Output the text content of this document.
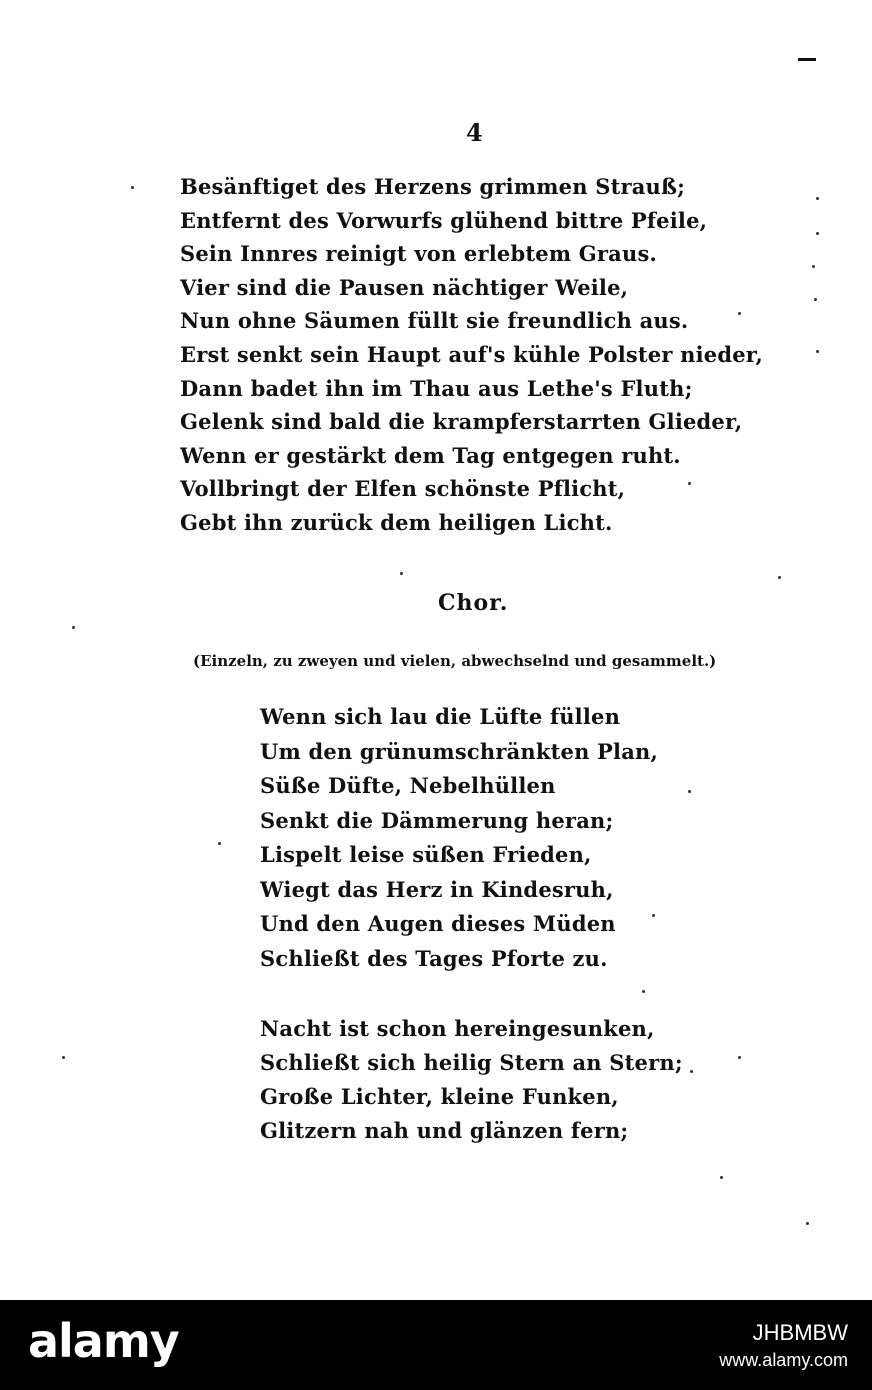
4
Besänftiget des Herzens grimmen Strauß;
Entfernt des Vorwurfs glühend bittre Pfeile,
Sein Innres reinigt von erlebtem Graus.
Vier sind die Pausen nächtiger Weile,
Nun ohne Säumen füllt sie freundlich aus.
Erst senkt sein Haupt auf's kühle Polster nieder,
Dann badet ihn im Thau aus Lethe's Fluth;
Gelenk sind bald die krampferstarrten Glieder,
Wenn er gestärkt dem Tag entgegen ruht.
Vollbringt der Elfen schönste Pflicht,
Gebt ihn zurück dem heiligen Licht.
Chor.
(Einzeln, zu zweyen und vielen, abwechselnd und gesammelt.)
Wenn sich lau die Lüfte füllen
Um den grünumschränkten Plan,
Süße Düfte, Nebelhüllen
Senkt die Dämmerung heran;
Lispelt leise süßen Frieden,
Wiegt das Herz in Kindesruh,
Und den Augen dieses Müden
Schließt des Tages Pforte zu.
Nacht ist schon hereingesunken,
Schließt sich heilig Stern an Stern;
Große Lichter, kleine Funken,
Glitzern nah und glänzen fern;
alamy	JHBMBW
www.alamy.com
